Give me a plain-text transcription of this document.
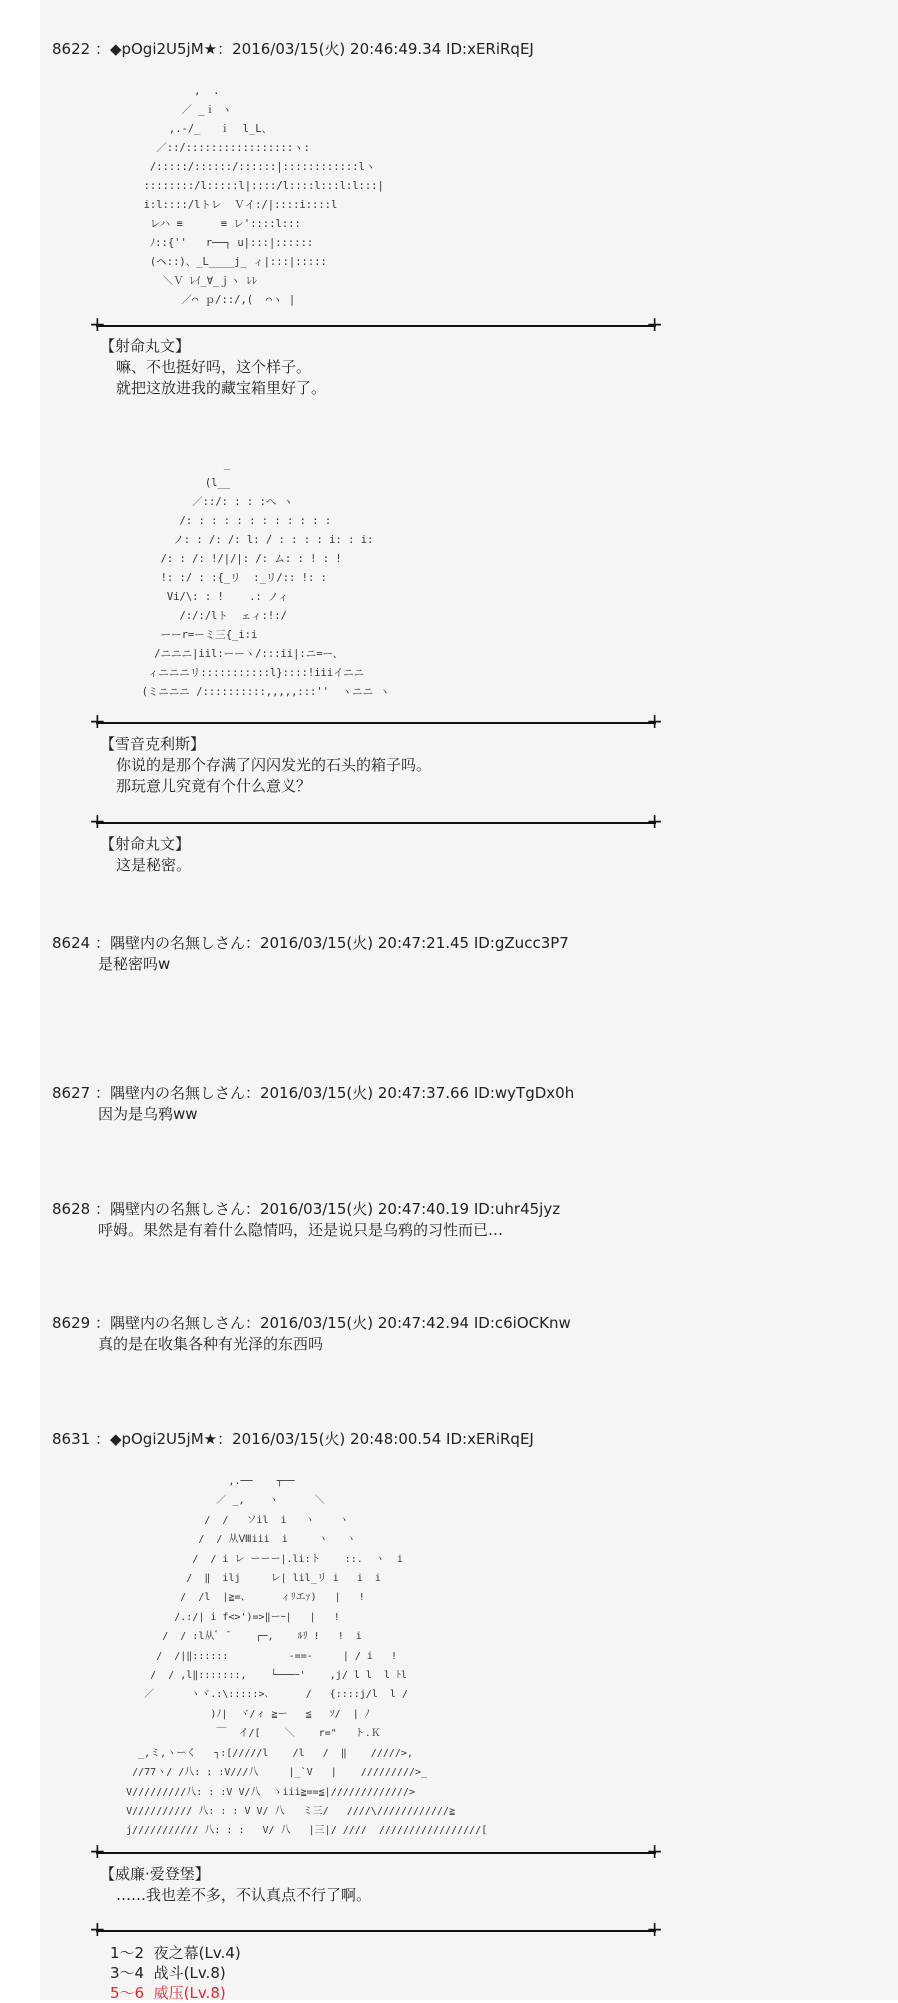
8622 ：◆pOgi2U5jM★：2016/03/15(火) 20:46:49.34 ID:xERiRqEJ
,  .
／ _ｉ ヽ
,.-/_   ｉ  l_L、
／::/:::::::::::::::::ヽ:
/:::::/::::::/::::::|::::::::::::lヽ
::::::::/l:::::l|::::/l::::l:::l:l:::|
i:l::::/lトレ  Ｖイ:/|::::i::::l
レハ ≡      ≡ レ'::::l:::
ﾉ::{''   r──┐ u|:::|::::::
(ヘ::)、_L____j_ ィ|:::|:::::
＼Ｖ ﾚｲ_∀_ｊヽ ﾚﾚ
／⌒ ｐ/::/,(  ⌒ヽ |
+	+
【射命丸文】
嘛、不也挺好吗，这个样子。
就把这放进我的藏宝箱里好了。
_
(l__
／::/: : : :へ ヽ
/: : : : : : : : : : : :
ノ: : /: /: l: / : : : : i: : i:
/: : /: !/|/|: /: ム: : ! : !
!: :/ : :{_リ  :_リ/:: !: :
Vi/\: : !    .: ノィ
/:/:/lト  ェィ:!:/
ーーr=ーミ三{_i:i
/ニニニ|iil:ーーヽ/:::ii|:ニ=ー、
ィニニニリ:::::::::::l}::::!iiiイニニ
(ミニニニ /::::::::::,,,,,:::''  ヽニニ ヽ
+	+
【雪音克利斯】
你说的是那个存满了闪闪发光的石头的箱子吗。
那玩意儿究竟有个什么意义？
+	+
【射命丸文】
这是秘密。
8624 ：隅壁内の名無しさん：2016/03/15(火) 20:47:21.45 ID:gZucc3P7
是秘密吗w
8627 ：隅壁内の名無しさん：2016/03/15(火) 20:47:37.66 ID:wyTgDx0h
因为是乌鸦ww
8628 ：隅壁内の名無しさん：2016/03/15(火) 20:47:40.19 ID:uhr45jyz
呼姆。果然是有着什么隐情吗，还是说只是乌鸦的习性而已…
8629 ：隅壁内の名無しさん：2016/03/15(火) 20:47:42.94 ID:c6iOCKnw
真的是在收集各种有光泽的东西吗
8631 ：◆pOgi2U5jM★：2016/03/15(火) 20:48:00.54 ID:xERiRqEJ
,.──    ┬──
／ _,    ヽ      ＼
/  /   ソil  i   ヽ    ヽ
/  / 从Ⅷiii  i     ヽ   ヽ
/  / i レ ーーー|.li:ト    ::.  ヽ  i
/  ‖  ilj     レ| lil_リ i   i  i
/  /l  |≧=、     ィﾘエｧ)   |   !
/.:/| i f<>')=>‖ーｰ|   |   !
/  / :l从ﾞ ̄     ┌─,    ﾙﾘ !   !  i
/  /|‖::::::          -==-     | / i   !
/  / ,l‖:::::::,    └───ｰ'    ,j/ l l  l ﾄl
／      ヽヾ.:\:::::>､      /   {::::j/l  l /
)ﾉ|  ヾ/ィ ≧ー   ≦   ｿ/  | ﾉ
￣  イ/[    ＼    r="   ト.Ｋ
_,ミ,ヽーく   ┐:[/////l    /l   /  ‖    /////>,
//77ヽ/ /八: : :V///八     |_`V   |    /////////>_
V/////////八: : :V V/八  ゝiii≧==≦|/////////////>
V////////// 八: : : V V/ 八   ミ三/   ////\////////////≧
j/////////// 八: : :   V/ 八   |三|/ ////  /////////////////[
+	+
【威廉·爱登堡】
……我也差不多，不认真点不行了啊。
+	+
1～2 夜之幕(Lv.4)
3～4 战斗(Lv.8)
5～6 威压(Lv.8)
